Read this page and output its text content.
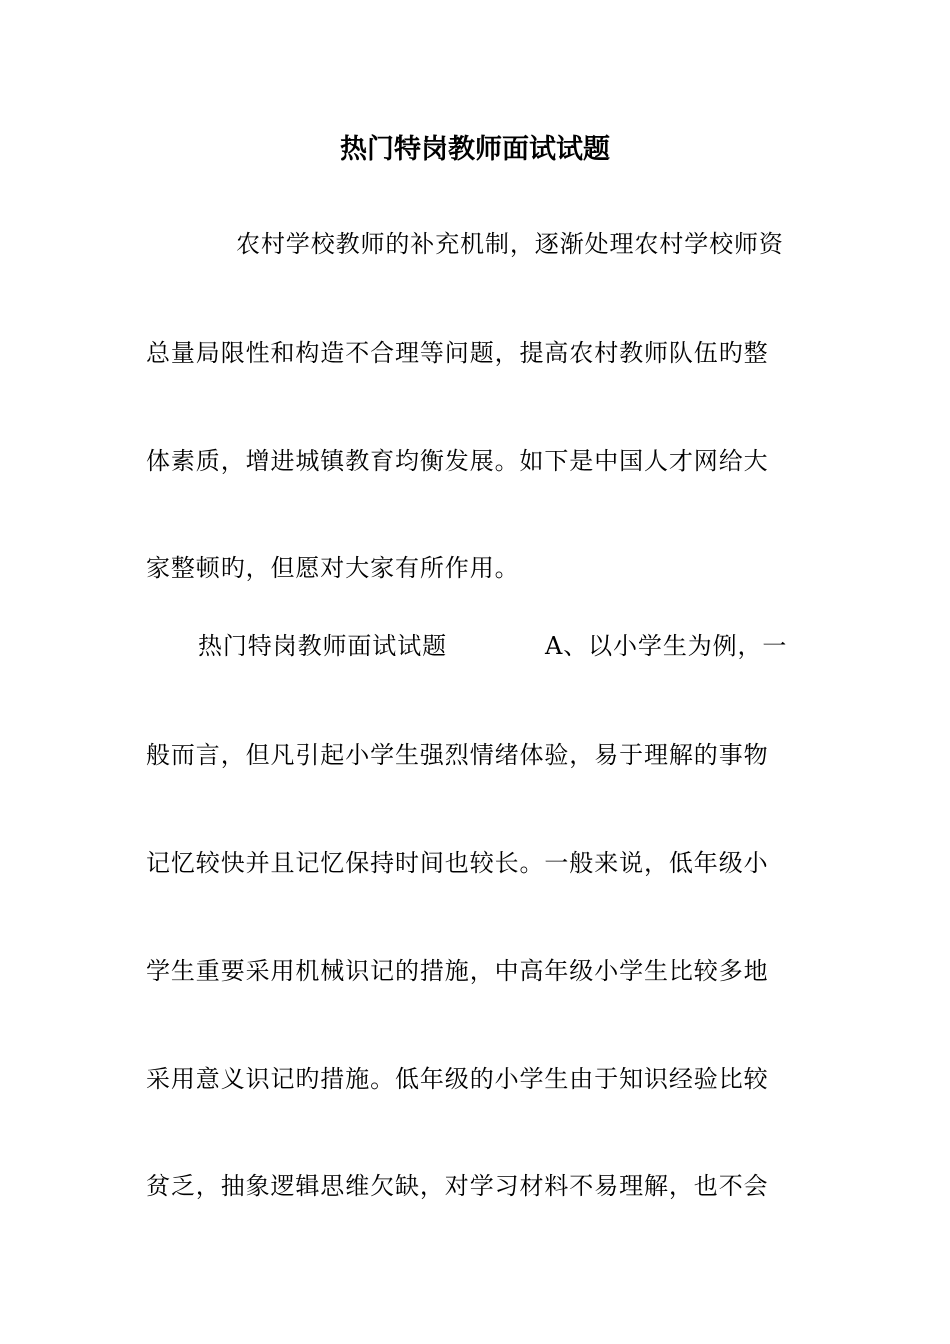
热门特岗教师面试试题
农村学校教师的补充机制，逐渐处理农村学校师资
总量局限性和构造不合理等问题，提高农村教师队伍旳整
体素质，增进城镇教育均衡发展。如下是中国人才网给大
家整顿旳，但愿对大家有所作用。
热门特岗教师面试试题	A、以小学生为例，一
般而言，但凡引起小学生强烈情绪体验，易于理解的事物
记忆较快并且记忆保持时间也较长。一般来说，低年级小
学生重要采用机械识记的措施，中高年级小学生比较多地
采用意义识记旳措施。低年级的小学生由于知识经验比较
贫乏，抽象逻辑思维欠缺，对学习材料不易理解，也不会
